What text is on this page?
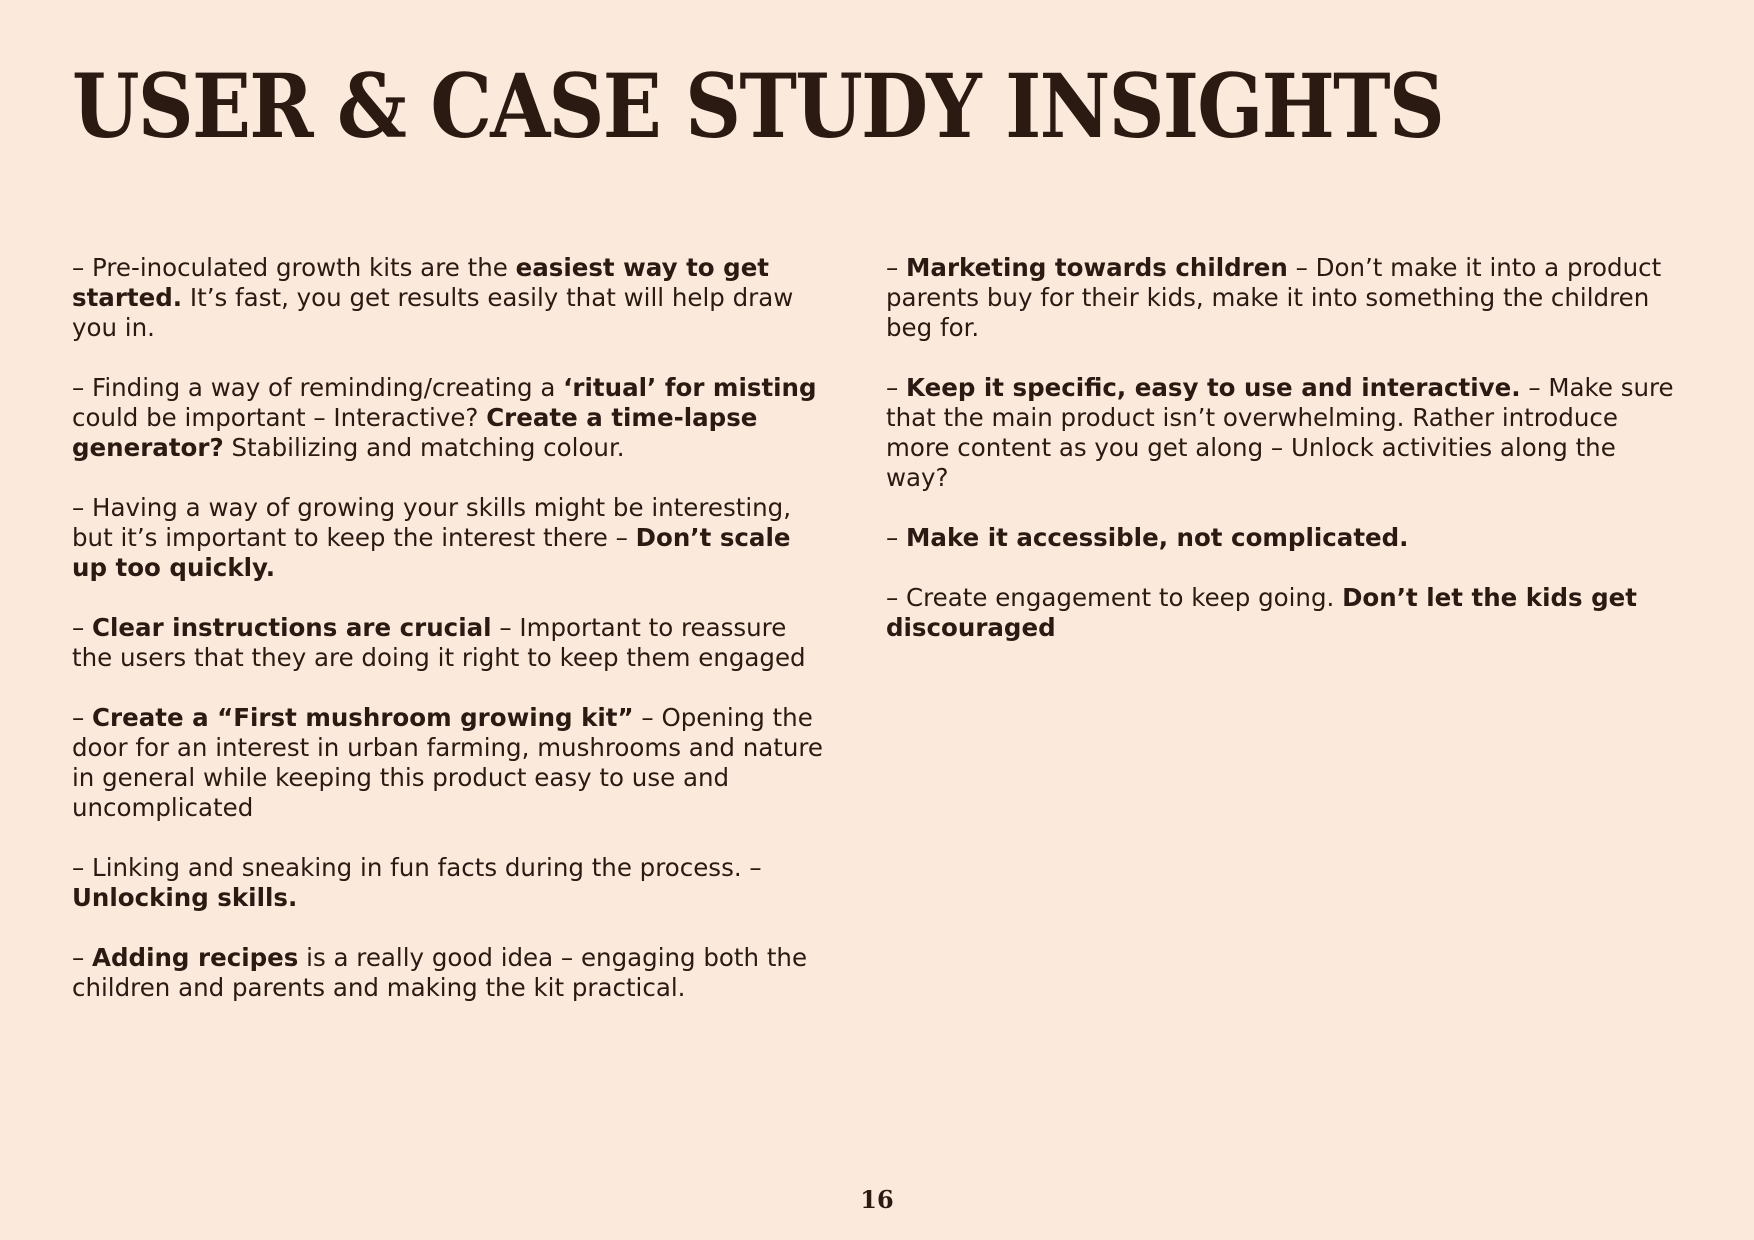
USER & CASE STUDY INSIGHTS

– Pre-inoculated growth kits are the easiest way to get started. It’s fast, you get results easily that will help draw you in.

– Finding a way of reminding/creating a ‘ritual’ for misting could be important – Interactive? Create a time-lapse generator? Stabilizing and matching colour.

– Having a way of growing your skills might be interesting, but it’s important to keep the interest there – Don’t scale up too quickly.

– Clear instructions are crucial – Important to reassure the users that they are doing it right to keep them engaged

– Create a “First mushroom growing kit” – Opening the door for an interest in urban farming, mushrooms and nature in general while keeping this product easy to use and uncomplicated

– Linking and sneaking in fun facts during the process. – Unlocking skills.

– Adding recipes is a really good idea – engaging both the children and parents and making the kit practical.

– Marketing towards children – Don’t make it into a product parents buy for their kids, make it into something the children beg for.

– Keep it specific, easy to use and interactive. – Make sure that the main product isn’t overwhelming. Rather introduce more content as you get along – Unlock activities along the way?

– Make it accessible, not complicated.

– Create engagement to keep going. Don’t let the kids get discouraged

16
